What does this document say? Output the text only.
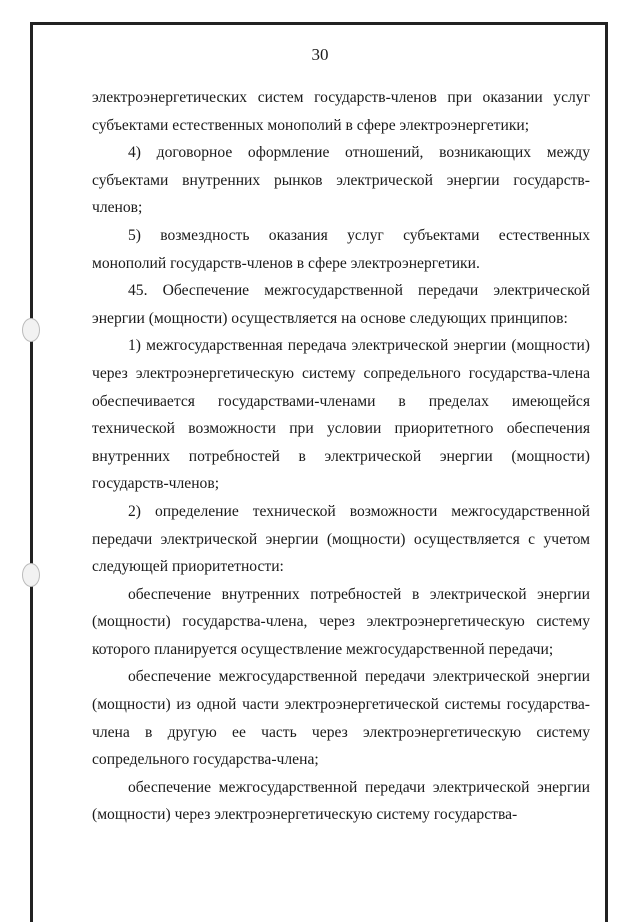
30

электроэнергетических систем государств-членов при оказании услуг субъектами естественных монополий в сфере электроэнергетики;

4) договорное оформление отношений, возникающих между субъектами внутренних рынков электрической энергии государств-членов;

5) возмездность оказания услуг субъектами естественных монополий государств-членов в сфере электроэнергетики.

45. Обеспечение межгосударственной передачи электрической энергии (мощности) осуществляется на основе следующих принципов:

1) межгосударственная передача электрической энергии (мощности) через электроэнергетическую систему сопредельного государства-члена обеспечивается государствами-членами в пределах имеющейся технической возможности при условии приоритетного обеспечения внутренних потребностей в электрической энергии (мощности) государств-членов;

2) определение технической возможности межгосударственной передачи электрической энергии (мощности) осуществляется с учетом следующей приоритетности:

обеспечение внутренних потребностей в электрической энергии (мощности) государства-члена, через электроэнергетическую систему которого планируется осуществление межгосударственной передачи;

обеспечение межгосударственной передачи электрической энергии (мощности) из одной части электроэнергетической системы государства-члена в другую ее часть через электроэнергетическую систему сопредельного государства-члена;

обеспечение межгосударственной передачи электрической энергии (мощности) через электроэнергетическую систему государства-
